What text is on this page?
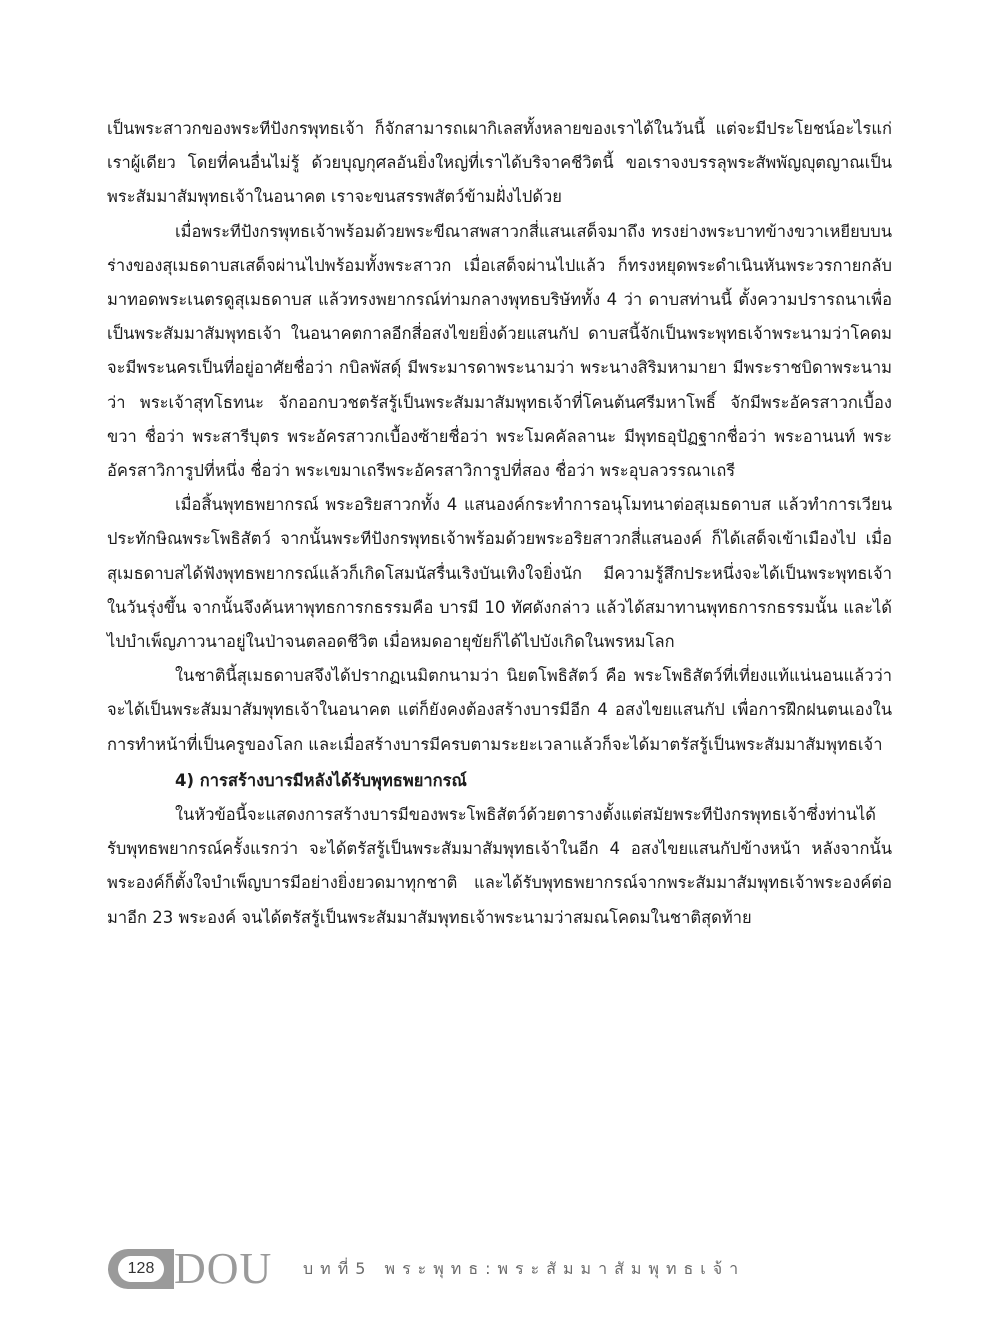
เป็นพระสาวกของพระทีปังกรพุทธเจ้า ก็จักสามารถเผากิเลสทั้งหลายของเราได้ในวันนี้ แต่จะมีประโยชน์อะไรแก่เราผู้เดียว โดยที่คนอื่นไม่รู้ ด้วยบุญกุศลอันยิ่งใหญ่ที่เราได้บริจาคชีวิตนี้ ขอเราจงบรรลุพระสัพพัญญุตญาณเป็นพระสัมมาสัมพุทธเจ้าในอนาคต เราจะขนสรรพสัตว์ข้ามฝั่งไปด้วย

เมื่อพระทีปังกรพุทธเจ้าพร้อมด้วยพระขีณาสพสาวกสี่แสนเสด็จมาถึง ทรงย่างพระบาทข้างขวาเหยียบบนร่างของสุเมธดาบสเสด็จผ่านไปพร้อมทั้งพระสาวก เมื่อเสด็จผ่านไปแล้ว ก็ทรงหยุดพระดำเนินหันพระวรกายกลับมาทอดพระเนตรดูสุเมธดาบส แล้วทรงพยากรณ์ท่ามกลางพุทธบริษัททั้ง 4 ว่า ดาบสท่านนี้ ตั้งความปรารถนาเพื่อเป็นพระสัมมาสัมพุทธเจ้า ในอนาคตกาลอีกสี่อสงไขยยิ่งด้วยแสนกัป ดาบสนี้จักเป็นพระพุทธเจ้าพระนามว่าโคดม จะมีพระนครเป็นที่อยู่อาศัยชื่อว่า กบิลพัสดุ์ มีพระมารดาพระนามว่า พระนางสิริมหามายา มีพระราชบิดาพระนามว่า พระเจ้าสุทโธทนะ จักออกบวชตรัสรู้เป็นพระสัมมาสัมพุทธเจ้าที่โคนต้นศรีมหาโพธิ์ จักมีพระอัครสาวกเบื้องขวา ชื่อว่า พระสารีบุตร พระอัครสาวกเบื้องซ้ายชื่อว่า พระโมคคัลลานะ มีพุทธอุปัฏฐากชื่อว่า พระอานนท์ พระอัครสาวิการูปที่หนึ่ง ชื่อว่า พระเขมาเถรีพระอัครสาวิการูปที่สอง ชื่อว่า พระอุบลวรรณาเถรี

เมื่อสิ้นพุทธพยากรณ์ พระอริยสาวกทั้ง 4 แสนองค์กระทำการอนุโมทนาต่อสุเมธดาบส แล้วทำการเวียนประทักษิณพระโพธิสัตว์ จากนั้นพระทีปังกรพุทธเจ้าพร้อมด้วยพระอริยสาวกสี่แสนองค์ ก็ได้เสด็จเข้าเมืองไป เมื่อสุเมธดาบสได้ฟังพุทธพยากรณ์แล้วก็เกิดโสมนัสรื่นเริงบันเทิงใจยิ่งนัก มีความรู้สึกประหนึ่งจะได้เป็นพระพุทธเจ้าในวันรุ่งขึ้น จากนั้นจึงค้นหาพุทธการกธรรมคือ บารมี 10 ทัศดังกล่าว แล้วได้สมาทานพุทธการกธรรมนั้น และได้ไปบำเพ็ญภาวนาอยู่ในป่าจนตลอดชีวิต เมื่อหมดอายุขัยก็ได้ไปบังเกิดในพรหมโลก

ในชาตินี้สุเมธดาบสจึงได้ปรากฏเนมิตกนามว่า นิยตโพธิสัตว์ คือ พระโพธิสัตว์ที่เที่ยงแท้แน่นอนแล้วว่า จะได้เป็นพระสัมมาสัมพุทธเจ้าในอนาคต แต่ก็ยังคงต้องสร้างบารมีอีก 4 อสงไขยแสนกัป เพื่อการฝึกฝนตนเองในการทำหน้าที่เป็นครูของโลก และเมื่อสร้างบารมีครบตามระยะเวลาแล้วก็จะได้มาตรัสรู้เป็นพระสัมมาสัมพุทธเจ้า

4) การสร้างบารมีหลังได้รับพุทธพยากรณ์

ในหัวข้อนี้จะแสดงการสร้างบารมีของพระโพธิสัตว์ด้วยตารางตั้งแต่สมัยพระทีปังกรพุทธเจ้าซึ่งท่านได้รับพุทธพยากรณ์ครั้งแรกว่า จะได้ตรัสรู้เป็นพระสัมมาสัมพุทธเจ้าในอีก 4 อสงไขยแสนกัปข้างหน้า หลังจากนั้นพระองค์ก็ตั้งใจบำเพ็ญบารมีอย่างยิ่งยวดมาทุกชาติ และได้รับพุทธพยากรณ์จากพระสัมมาสัมพุทธเจ้าพระองค์ต่อมาอีก 23 พระองค์ จนได้ตรัสรู้เป็นพระสัมมาสัมพุทธเจ้าพระนามว่าสมณโคดมในชาติสุดท้าย

128 DOU บทที่5 พระพุทธ:พระสัมมาสัมพุทธเจ้า
